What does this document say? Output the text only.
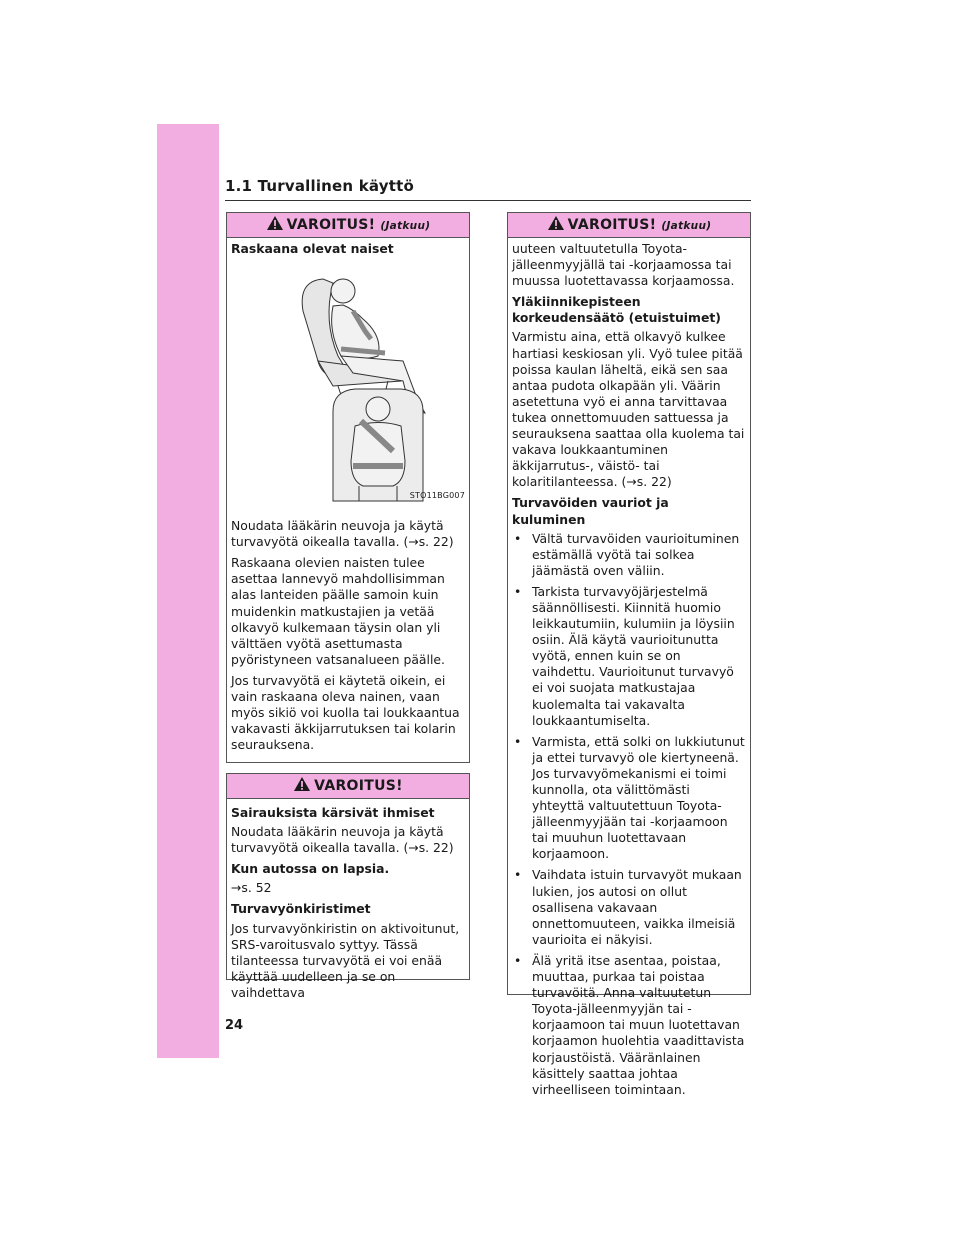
1.1 Turvallinen käyttö
VAROITUS! (Jatkuu)
Raskaana olevat naiset
STO11BG007

Noudata lääkärin neuvoja ja käytä turvavyötä oikealla tavalla. (→s. 22)

Raskaana olevien naisten tulee asettaa lannevyö mahdollisimman alas lanteiden päälle samoin kuin muidenkin matkustajien ja vetää olkavyö kulkemaan täysin olan yli välttäen vyötä asettumasta pyöristyneen vatsanalueen päälle.

Jos turvavyötä ei käytetä oikein, ei vain raskaana oleva nainen, vaan myös sikiö voi kuolla tai loukkaantua vakavasti äkkijarrutuksen tai kolarin seurauksena.

VAROITUS!
Sairauksista kärsivät ihmiset

Noudata lääkärin neuvoja ja käytä turvavyötä oikealla tavalla. (→s. 22)

Kun autossa on lapsia.

→s. 52

Turvavyönkiristimet

Jos turvavyönkiristin on aktivoitunut, SRS-varoitusvalo syttyy. Tässä tilanteessa turvavyötä ei voi enää käyttää uudelleen ja se on vaihdettava

VAROITUS! (Jatkuu)

uuteen valtuutetulla Toyota-jälleenmyyjällä tai -korjaamossa tai muussa luotettavassa korjaamossa.

Yläkiinnikepisteen korkeudensäätö (etuistuimet)

Varmistu aina, että olkavyö kulkee hartiasi keskiosan yli. Vyö tulee pitää poissa kaulan läheltä, eikä sen saa antaa pudota olkapään yli. Väärin asetettuna vyö ei anna tarvittavaa tukea onnettomuuden sattuessa ja seurauksena saattaa olla kuolema tai vakava loukkaantuminen äkkijarrutus-, väistö- tai kolaritilanteessa. (→s. 22)

Turvavöiden vauriot ja kuluminen
• Vältä turvavöiden vaurioituminen estämällä vyötä tai solkea jäämästä oven väliin.
• Tarkista turvavyöjärjestelmä säännöllisesti. Kiinnitä huomio leikkautumiin, kulumiin ja löysiin osiin. Älä käytä vaurioitunutta vyötä, ennen kuin se on vaihdettu. Vaurioitunut turvavyö ei voi suojata matkustajaa kuolemalta tai vakavalta loukkaantumiselta.
• Varmista, että solki on lukkiutunut ja ettei turvavyö ole kiertyneenä. Jos turvavyömekanismi ei toimi kunnolla, ota välittömästi yhteyttä valtuutettuun Toyota-jälleenmyyjään tai -korjaamoon tai muuhun luotettavaan korjaamoon.
• Vaihdata istuin turvavyöt mukaan lukien, jos autosi on ollut osallisena vakavaan onnettomuuteen, vaikka ilmeisiä vaurioita ei näkyisi.
• Älä yritä itse asentaa, poistaa, muuttaa, purkaa tai poistaa turvavöitä. Anna valtuutetun Toyota-jälleenmyyjän tai -korjaamoon tai muun luotettavan korjaamon huolehtia vaadittavista korjaustöistä. Vääränlainen käsittely saattaa johtaa virheelliseen toimintaan.
24
